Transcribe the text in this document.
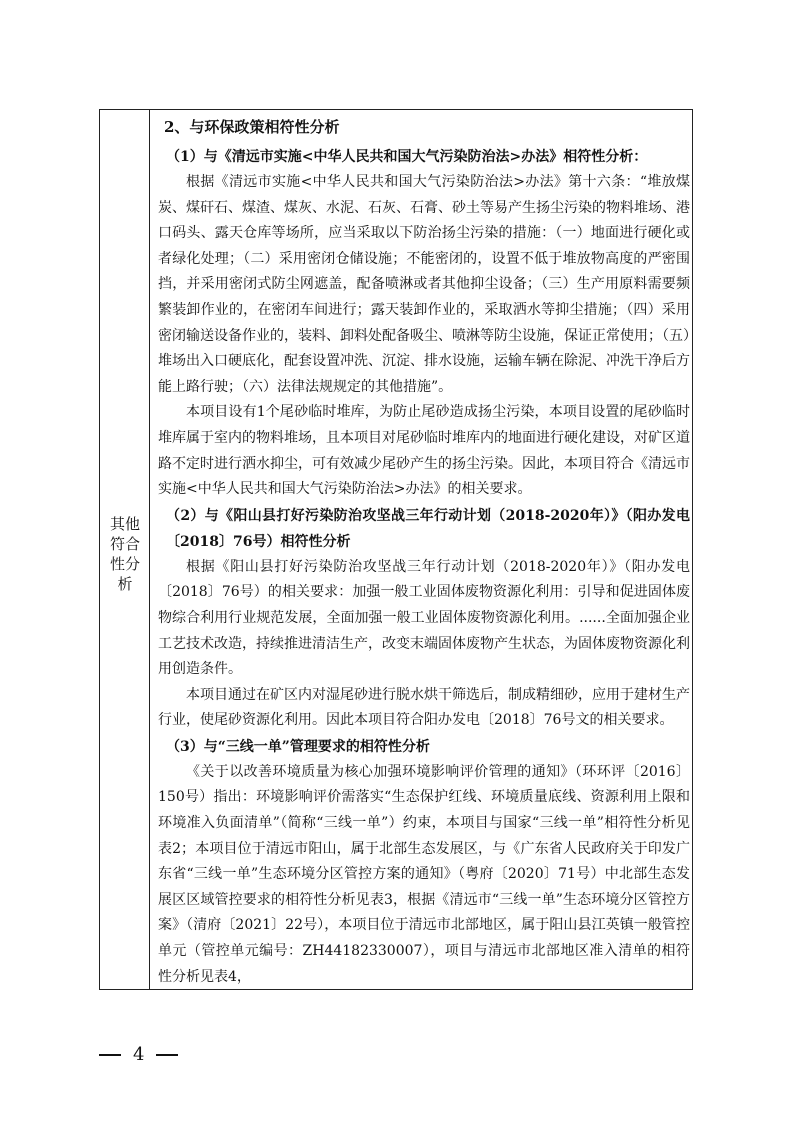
其他符合性分析

2、与环保政策相符性分析

（1）与《清远市实施<中华人民共和国大气污染防治法>办法》相符性分析：

根据《清远市实施<中华人民共和国大气污染防治法>办法》第十六条：“堆放煤炭、煤矸石、煤渣、煤灰、水泥、石灰、石膏、砂土等易产生扬尘污染的物料堆场、港口码头、露天仓库等场所，应当采取以下防治扬尘污染的措施：（一）地面进行硬化或者绿化处理；（二）采用密闭仓储设施；不能密闭的，设置不低于堆放物高度的严密围挡，并采用密闭式防尘网遮盖，配备喷淋或者其他抑尘设备；（三）生产用原料需要频繁装卸作业的，在密闭车间进行；露天装卸作业的，采取洒水等抑尘措施；（四）采用密闭输送设备作业的，装料、卸料处配备吸尘、喷淋等防尘设施，保证正常使用；（五）堆场出入口硬底化，配套设置冲洗、沉淀、排水设施，运输车辆在除泥、冲洗干净后方能上路行驶；（六）法律法规规定的其他措施”。

本项目设有1个尾砂临时堆库，为防止尾砂造成扬尘污染，本项目设置的尾砂临时堆库属于室内的物料堆场，且本项目对尾砂临时堆库内的地面进行硬化建设，对矿区道路不定时进行洒水抑尘，可有效减少尾砂产生的扬尘污染。因此，本项目符合《清远市实施<中华人民共和国大气污染防治法>办法》的相关要求。

（2）与《阳山县打好污染防治攻坚战三年行动计划（2018-2020年）》（阳办发电〔2018〕76号）相符性分析

根据《阳山县打好污染防治攻坚战三年行动计划（2018-2020年）》（阳办发电〔2018〕76号）的相关要求：加强一般工业固体废物资源化利用：引导和促进固体废物综合利用行业规范发展，全面加强一般工业固体废物资源化利用。......全面加强企业工艺技术改造，持续推进清洁生产，改变末端固体废物产生状态，为固体废物资源化利用创造条件。

本项目通过在矿区内对湿尾砂进行脱水烘干筛选后，制成精细砂，应用于建材生产行业，使尾砂资源化利用。因此本项目符合阳办发电〔2018〕76号文的相关要求。

（3）与“三线一单”管理要求的相符性分析

《关于以改善环境质量为核心加强环境影响评价管理的通知》（环环评〔2016〕150号）指出：环境影响评价需落实“生态保护红线、环境质量底线、资源利用上限和环境准入负面清单”（简称“三线一单”）约束，本项目与国家“三线一单”相符性分析见表2；本项目位于清远市阳山，属于北部生态发展区，与《广东省人民政府关于印发广东省“三线一单”生态环境分区管控方案的通知》（粤府〔2020〕71号）中北部生态发展区区域管控要求的相符性分析见表3，根据《清远市“三线一单”生态环境分区管控方案》（清府〔2021〕22号），本项目位于清远市北部地区，属于阳山县江英镇一般管控单元（管控单元编号：ZH44182330007），项目与清远市北部地区准入清单的相符性分析见表4，

4
